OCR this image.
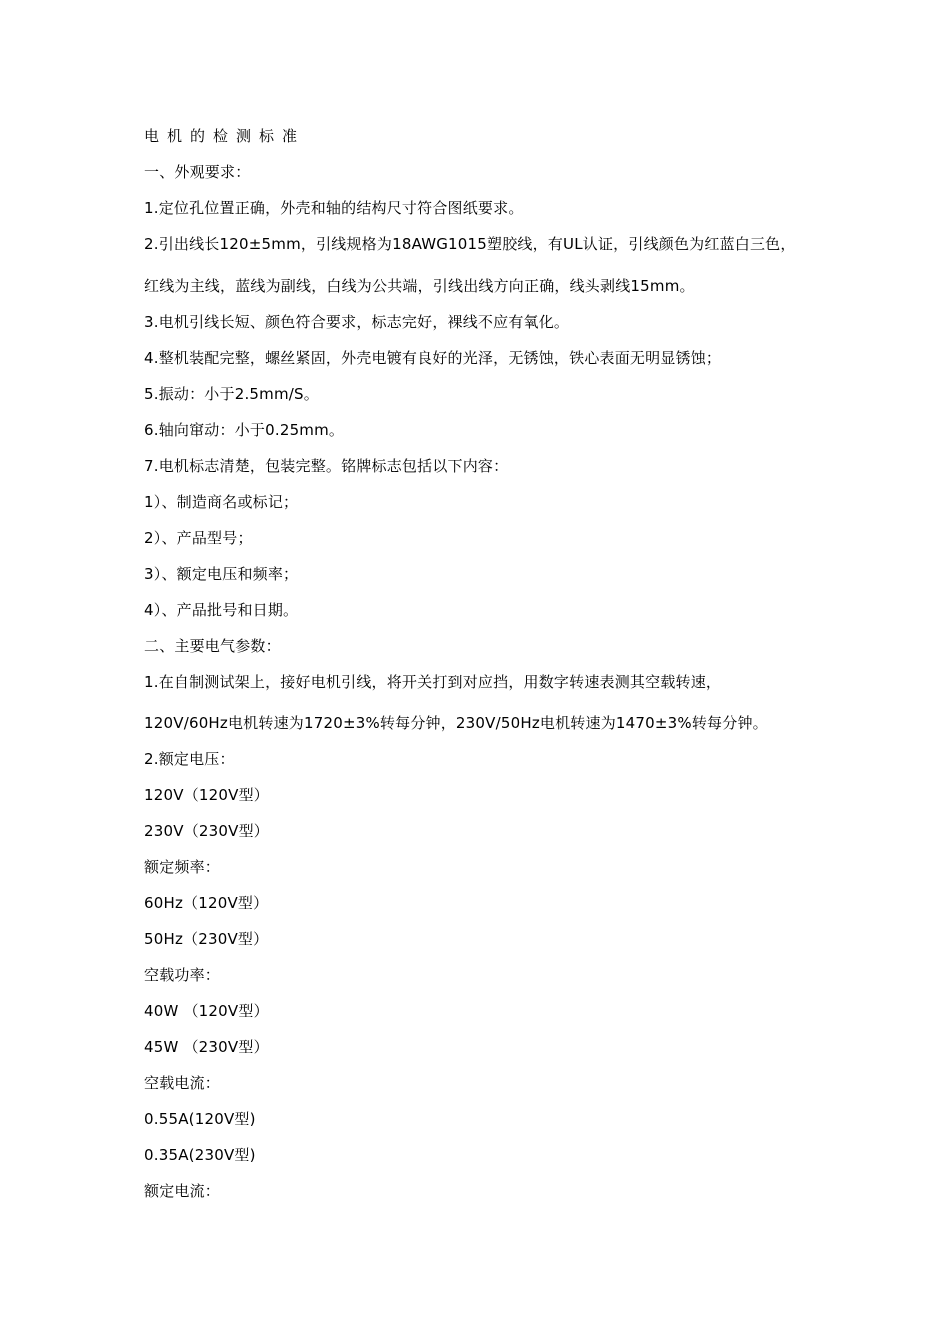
电机的检测标准
一、外观要求：
1.定位孔位置正确，外壳和轴的结构尺寸符合图纸要求。
2.引出线长120±5mm，引线规格为18AWG1015塑胶线，有UL认证，引线颜色为红蓝白三色，
红线为主线，蓝线为副线，白线为公共端，引线出线方向正确，线头剥线15mm。
3.电机引线长短、颜色符合要求，标志完好，裸线不应有氧化。
4.整机装配完整，螺丝紧固，外壳电镀有良好的光泽，无锈蚀，铁心表面无明显锈蚀；
5.振动：小于2.5mm/S。
6.轴向窜动：小于0.25mm。
7.电机标志清楚，包装完整。铭牌标志包括以下内容：
1）、制造商名或标记；
2）、产品型号；
3）、额定电压和频率；
4）、产品批号和日期。
二、主要电气参数：
1.在自制测试架上，接好电机引线，将开关打到对应挡，用数字转速表测其空载转速，
120V/60Hz电机转速为1720±3%转每分钟，230V/50Hz电机转速为1470±3%转每分钟。
2.额定电压：
120V（120V型）
230V（230V型）
额定频率：
60Hz（120V型）
50Hz（230V型）
空载功率：
40W （120V型）
45W （230V型）
空载电流：
0.55A(120V型)
0.35A(230V型)
额定电流：
